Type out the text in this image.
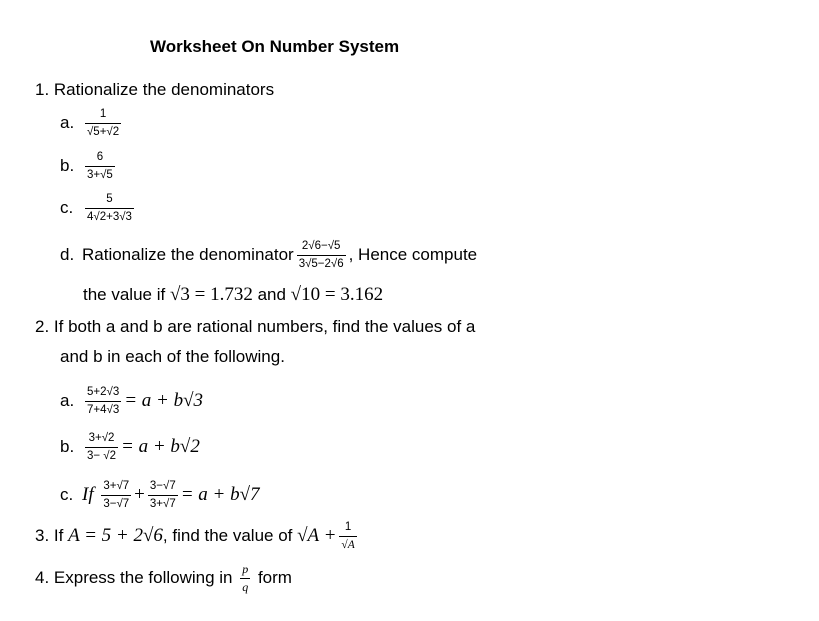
Worksheet On Number System
1. Rationalize the denominators
a. $\frac{1}{√5+√2}$
b. $\frac{6}{3+√5}$
c. $\frac{5}{4√2+3√3}$
d. Rationalize the denominator $\frac{2√6-√5}{3√5-2√6}$ , Hence compute
the value if √3 = 1.732 and √10 = 3.162
2. If both a and b are rational numbers, find the values of a
and b in each of the following.
a. $\frac{5+2√3}{7+4√3} = a + b√3$
b. $\frac{3+√2}{3- √2} = a + b√2$
c. If $\frac{3+√7}{3-√7} + \frac{3-√7}{3+√7} = a + b√7$
3. If A = 5 + 2√6, find the value of $√A + \frac{1}{√A}$
4. Express the following in $\frac{p}{q}$ form
